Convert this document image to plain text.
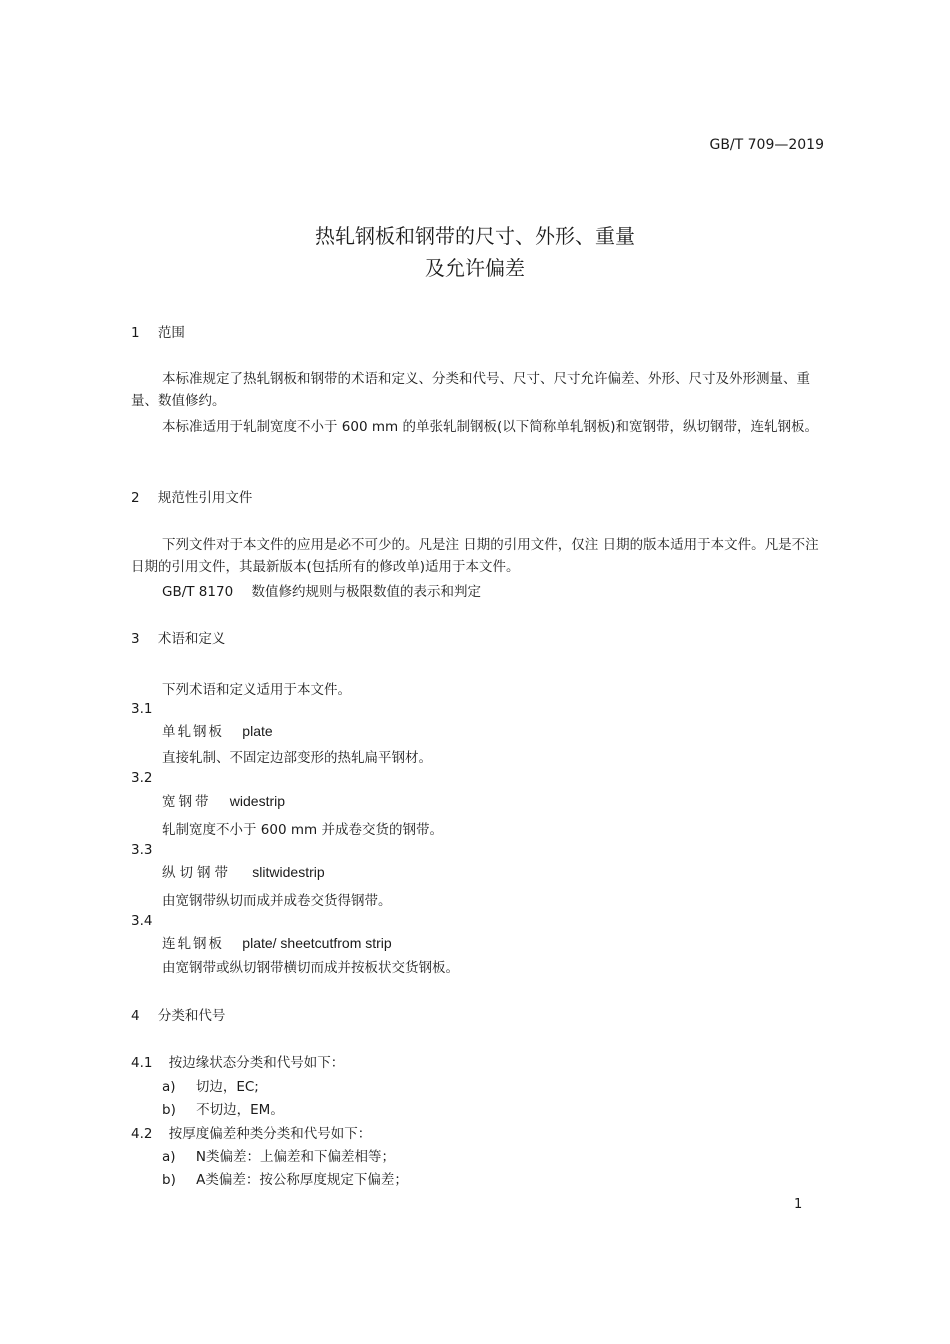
GB/T 709—2019
热轧钢板和钢带的尺寸、外形、重量
及允许偏差
1 范围
本标准规定了热轧钢板和钢带的术语和定义、分类和代号、尺寸、尺寸允许偏差、外形、尺寸及外形测量、重量、数值修约。
本标准适用于轧制宽度不小于 600 mm 的单张轧制钢板(以下简称单轧钢板)和宽钢带，纵切钢带，连轧钢板。
2 规范性引用文件
下列文件对于本文件的应用是必不可少的。凡是注 日期的引用文件，仅注 日期的版本适用于本文件。凡是不注日期的引用文件，其最新版本(包括所有的修改单)适用于本文件。
GB/T 8170 数值修约规则与极限数值的表示和判定
3 术语和定义
下列术语和定义适用于本文件。
3.1
单轧钢板 plate
直接轧制、不固定边部变形的热轧扁平钢材。
3.2
宽钢带 widestrip
轧制宽度不小于 600 mm 并成卷交货的钢带。
3.3
纵切钢带 slitwidestrip
由宽钢带纵切而成并成卷交货得钢带。
3.4
连轧钢板 plate/ sheetcutfrom strip
由宽钢带或纵切钢带横切而成并按板状交货钢板。
4 分类和代号
4.1 按边缘状态分类和代号如下：
a) 切边，EC;
b) 不切边，EM。
4.2 按厚度偏差种类分类和代号如下：
a) N类偏差：上偏差和下偏差相等；
b) A类偏差：按公称厚度规定下偏差；
1
